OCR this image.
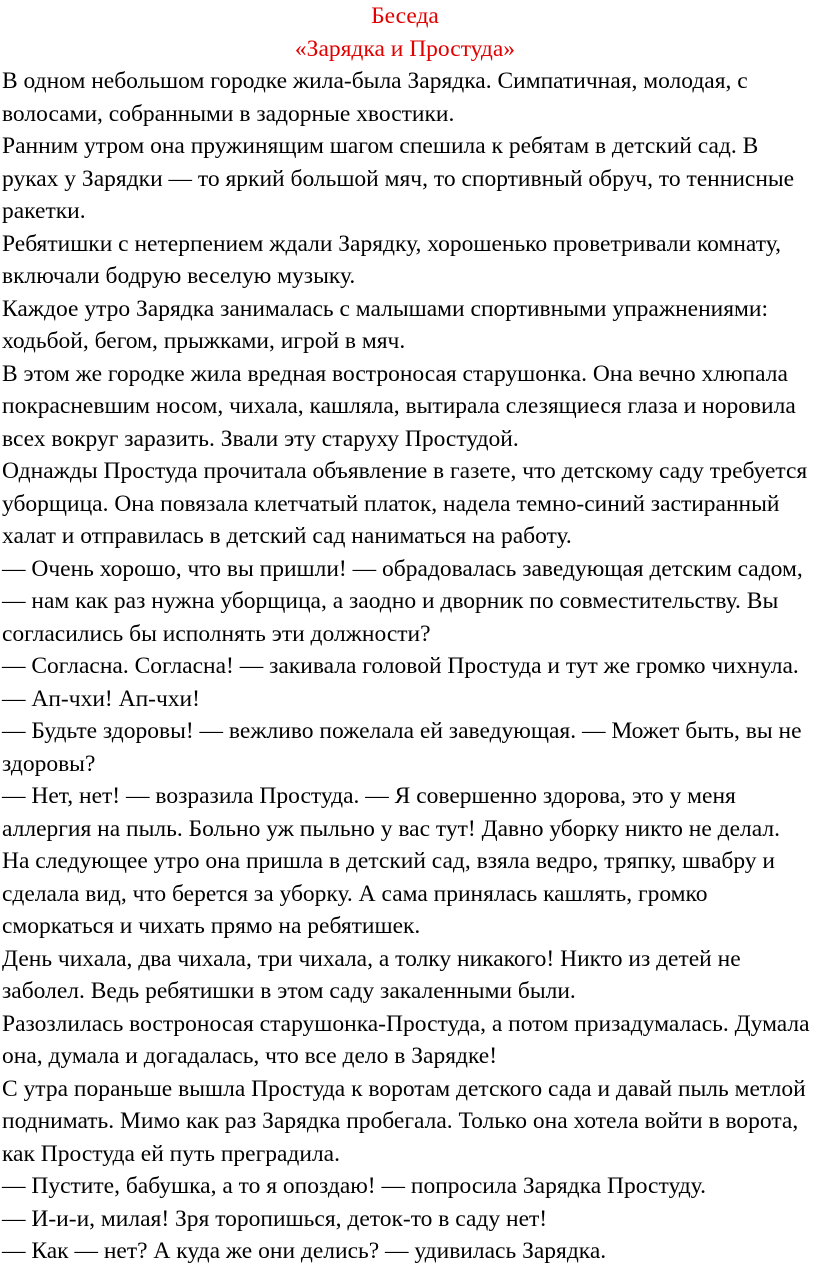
Беседа
«Зарядка и Простуда»

В одном небольшом городке жила-была Зарядка. Симпатичная, молодая, с волосами, собранными в задорные хвостики.

Ранним утром она пружинящим шагом спешила к ребятам в детский сад. В руках у Зарядки — то яркий большой мяч, то спортивный обруч, то теннисные ракетки.

Ребятишки с нетерпением ждали Зарядку, хорошенько проветривали комнату, включали бодрую веселую музыку.

Каждое утро Зарядка занималась с малышами спортивными упражнениями: ходьбой, бегом, прыжками, игрой в мяч.

В этом же городке жила вредная востроносая старушонка. Она вечно хлюпала покрасневшим носом, чихала, кашляла, вытирала слезящиеся глаза и норовила всех вокруг заразить. Звали эту старуху Простудой.

Однажды Простуда прочитала объявление в газете, что детскому саду требуется уборщица. Она повязала клетчатый платок, надела темно-синий застиранный халат и отправилась в детский сад наниматься на работу.

— Очень хорошо, что вы пришли! — обрадовалась заведующая детским садом, — нам как раз нужна уборщица, а заодно и дворник по совместительству. Вы согласились бы исполнять эти должности?

— Согласна. Согласна! — закивала головой Простуда и тут же громко чихнула. — Ап-чхи! Ап-чхи!

— Будьте здоровы! — вежливо пожелала ей заведующая. — Может быть, вы не здоровы?

— Нет, нет! — возразила Простуда. — Я совершенно здорова, это у меня аллергия на пыль. Больно уж пыльно у вас тут! Давно уборку никто не делал.

На следующее утро она пришла в детский сад, взяла ведро, тряпку, швабру и сделала вид, что берется за уборку. А сама принялась кашлять, громко сморкаться и чихать прямо на ребятишек.

День чихала, два чихала, три чихала, а толку никакого! Никто из детей не заболел. Ведь ребятишки в этом саду закаленными были.

Разозлилась востроносая старушонка-Простуда, а потом призадумалась. Думала она, думала и догадалась, что все дело в Зарядке!

С утра пораньше вышла Простуда к воротам детского сада и давай пыль метлой поднимать. Мимо как раз Зарядка пробегала. Только она хотела войти в ворота, как Простуда ей путь преградила.

— Пустите, бабушка, а то я опоздаю! — попросила Зарядка Простуду.

— И-и-и, милая! Зря торопишься, деток-то в саду нет!

— Как — нет? А куда же они делись? — удивилась Зарядка.
